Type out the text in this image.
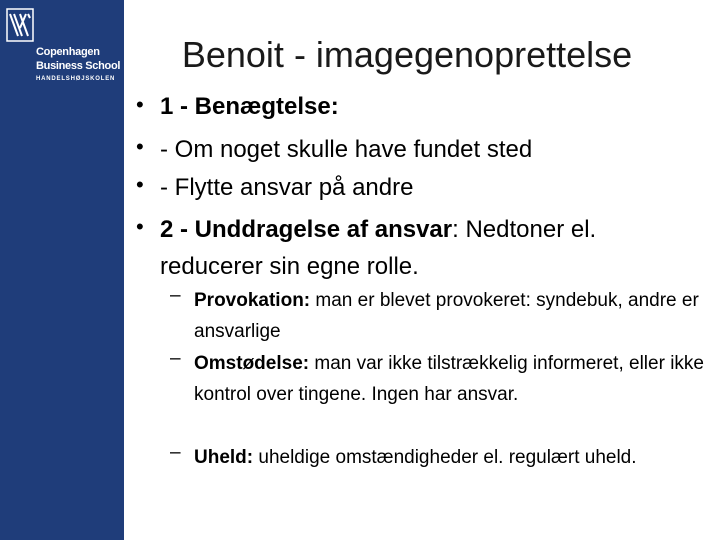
Copenhagen
Business School
HANDELSHØJSKOLEN
Benoit - imagegenoprettelse
• 1 - Benægtelse:
• - Om noget skulle have fundet sted
• - Flytte ansvar på andre
• 2 - Unddragelse af ansvar: Nedtoner el. reducerer sin egne rolle.
– Provokation: man er blevet provokeret: syndebuk, andre er ansvarlige
– Omstødelse: man var ikke tilstrækkelig informeret, eller ikke kontrol over tingene. Ingen har ansvar.
– Uheld: uheldige omstændigheder el. regulært uheld.
